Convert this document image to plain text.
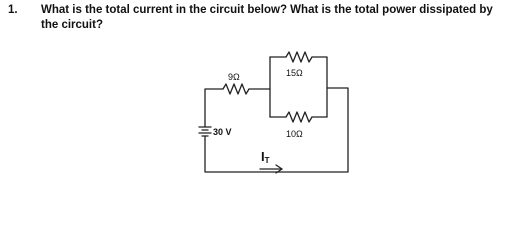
1. What is the total current in the circuit below? What is the total power dissipated by the circuit?
9Ω	15Ω
10Ω
30 V
IT
